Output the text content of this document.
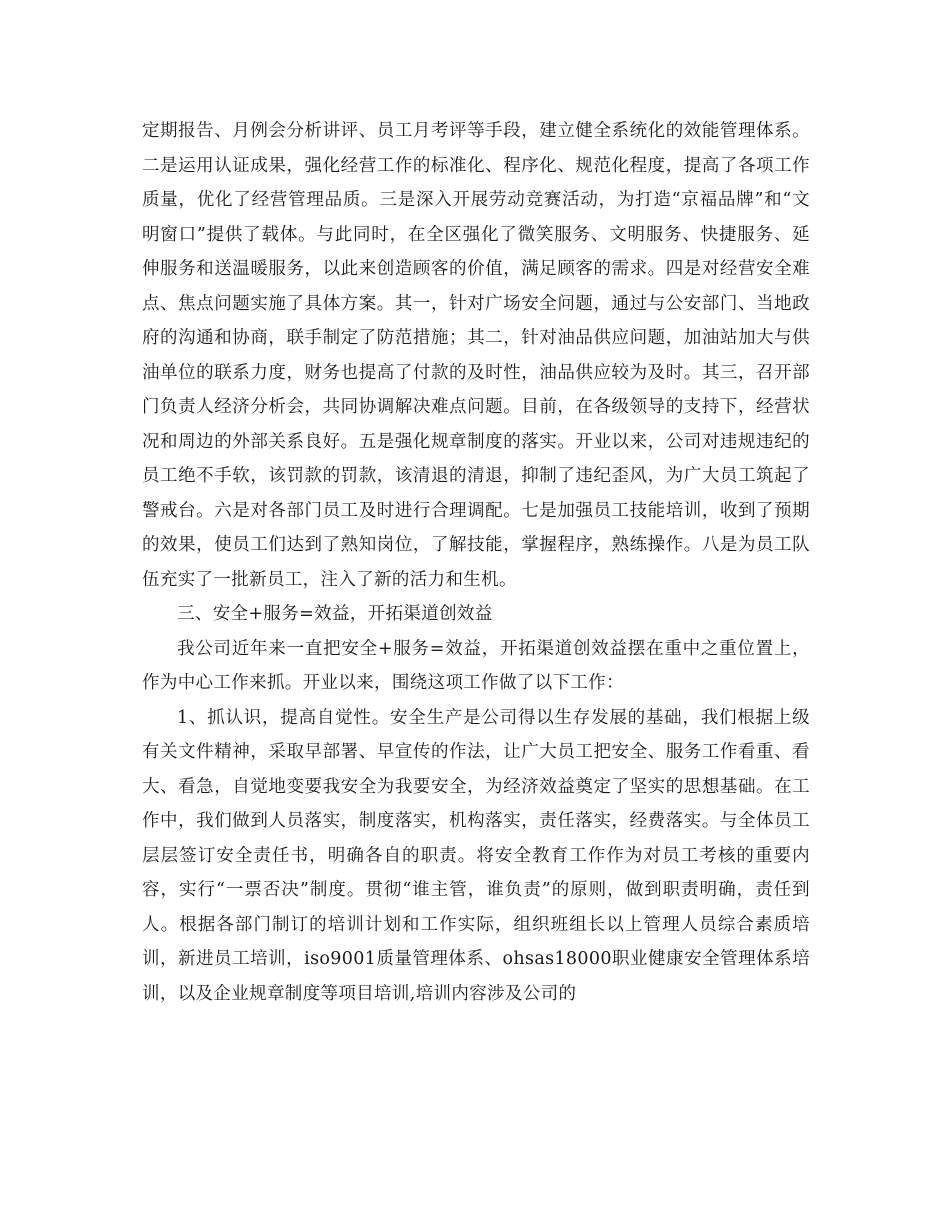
定期报告、月例会分析讲评、员工月考评等手段，建立健全系统化的效能管理体系。二是运用认证成果，强化经营工作的标准化、程序化、规范化程度，提高了各项工作质量，优化了经营管理品质。三是深入开展劳动竞赛活动，为打造“京福品牌”和“文明窗口”提供了载体。与此同时，在全区强化了微笑服务、文明服务、快捷服务、延伸服务和送温暖服务，以此来创造顾客的价值，满足顾客的需求。四是对经营安全难点、焦点问题实施了具体方案。其一，针对广场安全问题，通过与公安部门、当地政府的沟通和协商，联手制定了防范措施；其二，针对油品供应问题，加油站加大与供油单位的联系力度，财务也提高了付款的及时性，油品供应较为及时。其三，召开部门负责人经济分析会，共同协调解决难点问题。目前，在各级领导的支持下，经营状况和周边的外部关系良好。五是强化规章制度的落实。开业以来，公司对违规违纪的员工绝不手软，该罚款的罚款，该清退的清退，抑制了违纪歪风，为广大员工筑起了警戒台。六是对各部门员工及时进行合理调配。七是加强员工技能培训，收到了预期的效果，使员工们达到了熟知岗位，了解技能，掌握程序，熟练操作。八是为员工队伍充实了一批新员工，注入了新的活力和生机。

三、安全+服务=效益，开拓渠道创效益

我公司近年来一直把安全+服务=效益，开拓渠道创效益摆在重中之重位置上，作为中心工作来抓。开业以来，围绕这项工作做了以下工作：

1、抓认识，提高自觉性。安全生产是公司得以生存发展的基础，我们根据上级有关文件精神，采取早部署、早宣传的作法，让广大员工把安全、服务工作看重、看大、看急，自觉地变要我安全为我要安全，为经济效益奠定了坚实的思想基础。在工作中，我们做到人员落实，制度落实，机构落实，责任落实，经费落实。与全体员工层层签订安全责任书，明确各自的职责。将安全教育工作作为对员工考核的重要内容，实行“一票否决”制度。贯彻“谁主管，谁负责”的原则，做到职责明确，责任到人。根据各部门制订的培训计划和工作实际，组织班组长以上管理人员综合素质培训，新进员工培训，iso9001质量管理体系、ohsas18000职业健康安全管理体系培训，以及企业规章制度等项目培训,培训内容涉及公司的
